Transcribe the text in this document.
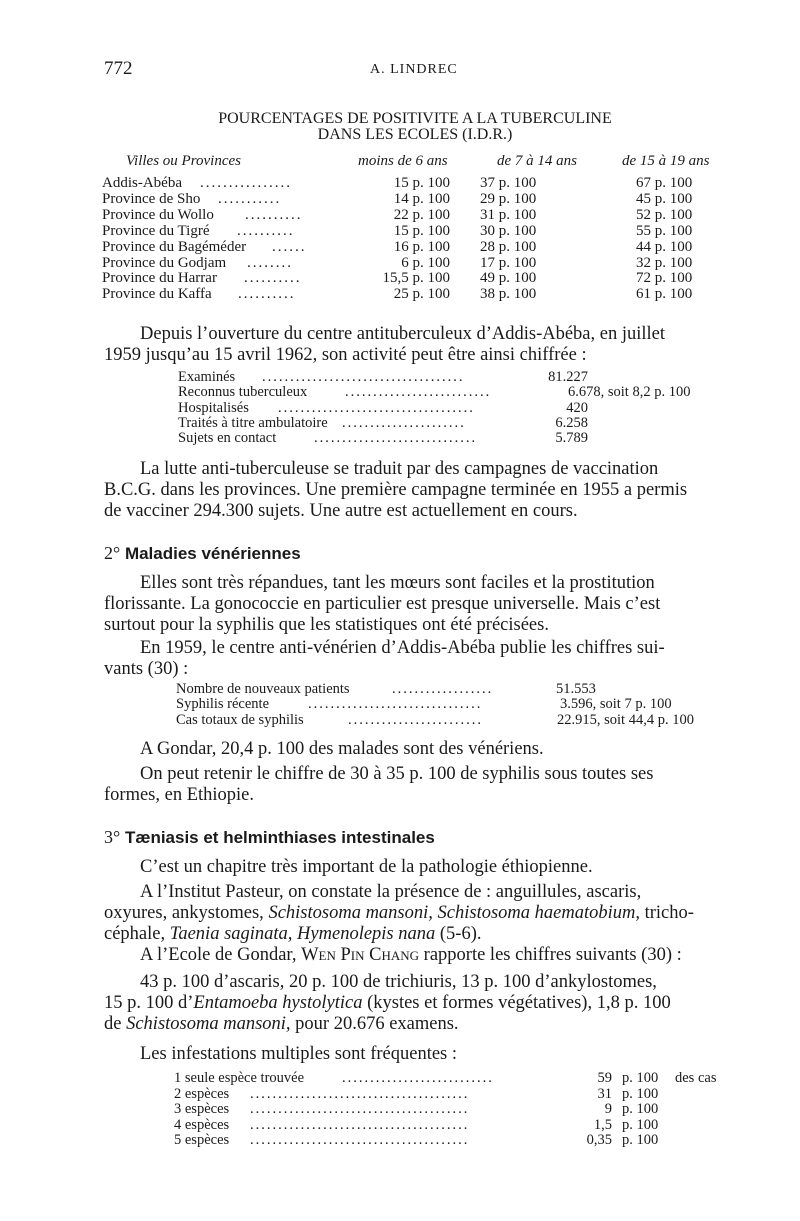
772	A. LINDREC
POURCENTAGES DE POSITIVITE A LA TUBERCULINE
DANS LES ECOLES (I.D.R.)
Villes ou Provinces	moins de 6 ans	de 7 à 14 ans	de 15 à 19 ans
Addis-Abéba ................	15 p. 100 37 p. 100	67 p. 100
Province de Sho ...........	14 p. 100 29 p. 100	45 p. 100
Province du Wollo ..........	22 p. 100 31 p. 100	52 p. 100
Province du Tigré ..........	15 p. 100 30 p. 100	55 p. 100
Province du Bagéméder ......	16 p. 100 28 p. 100	44 p. 100
Province du Godjam ........	6 p. 100 17 p. 100	32 p. 100
Province du Harrar ..........	15,5 p. 100 49 p. 100	72 p. 100
Province du Kaffa ..........	25 p. 100 38 p. 100	61 p. 100
Depuis l’ouverture du centre antituberculeux d’Addis-Abéba, en juillet
1959 jusqu’au 15 avril 1962, son activité peut être ainsi chiffrée :
Examinés ....................................	81.227
Reconnus tuberculeux	..........................	6.678, soit 8,2 p. 100
Hospitalisés ...................................	420
Traités à titre ambulatoire ......................	6.258
Sujets en contact	.............................	5.789
La lutte anti-tuberculeuse se traduit par des campagnes de vaccination
B.C.G. dans les provinces. Une première campagne terminée en 1955 a permis
de vacciner 294.300 sujets. Une autre est actuellement en cours.
2° Maladies vénériennes
Elles sont très répandues, tant les mœurs sont faciles et la prostitution
florissante. La gonococcie en particulier est presque universelle. Mais c’est
surtout pour la syphilis que les statistiques ont été précisées.
En 1959, le centre anti-vénérien d’Addis-Abéba publie les chiffres sui-
vants (30) :
Nombre de nouveaux patients	..................	51.553
Syphilis récente	...............................	3.596, soit 7 p. 100
Cas totaux de syphilis	........................	22.915, soit 44,4 p. 100
A Gondar, 20,4 p. 100 des malades sont des vénériens.
On peut retenir le chiffre de 30 à 35 p. 100 de syphilis sous toutes ses
formes, en Ethiopie.
3° Tæniasis et helminthiases intestinales
C’est un chapitre très important de la pathologie éthiopienne.
A l’Institut Pasteur, on constate la présence de : anguillules, ascaris,
oxyures, ankystomes, Schistosoma mansoni, Schistosoma haematobium, tricho-
céphale, Taenia saginata, Hymenolepis nana (5-6).
A l’Ecole de Gondar, Wen Pin Chang rapporte les chiffres suivants (30) :
43 p. 100 d’ascaris, 20 p. 100 de trichiuris, 13 p. 100 d’ankylostomes,
15 p. 100 d’Entamoeba hystolytica (kystes et formes végétatives), 1,8 p. 100
de Schistosoma mansoni, pour 20.676 examens.
Les infestations multiples sont fréquentes :
1 seule espèce trouvée	...........................	59 p. 100 des cas
2 espèces .......................................	31 p. 100
3 espèces .......................................	9 p. 100
4 espèces .......................................	1,5 p. 100
5 espèces .......................................	0,35 p. 100
